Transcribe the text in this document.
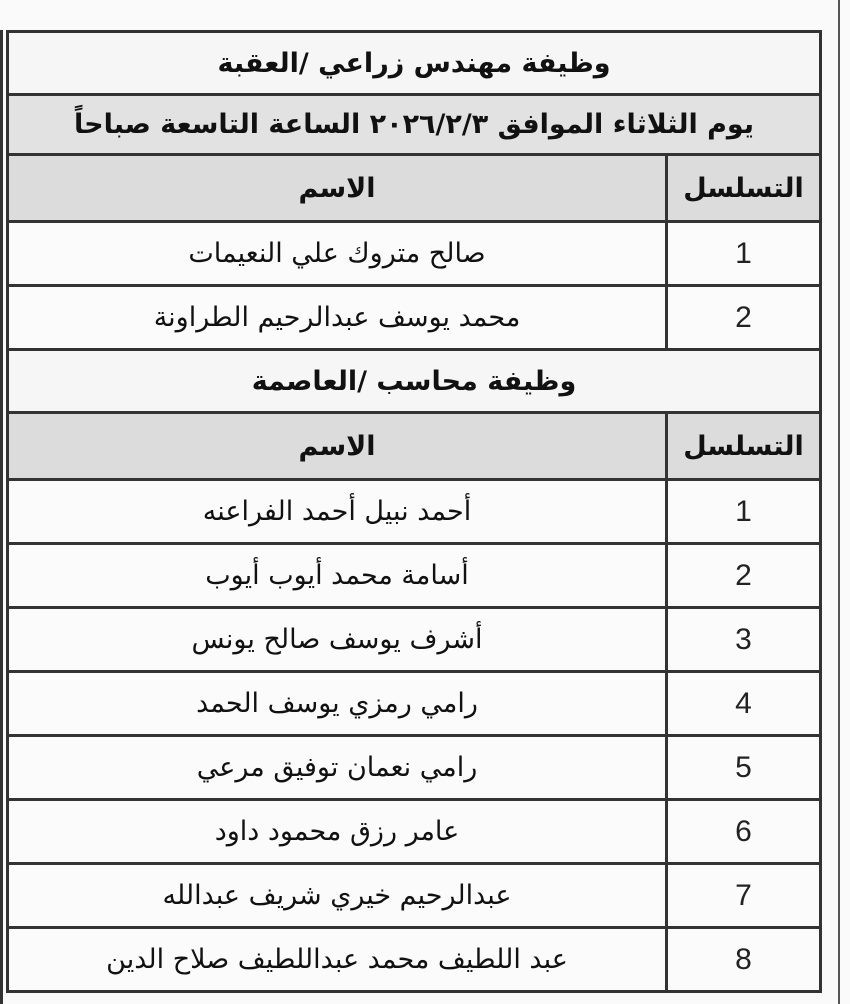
وظيفة مهندس زراعي /العقبة	
يوم الثلاثاء الموافق ٢٠٢٦/٢/٣ الساعة التاسعة صباحاً	
التسلسل	الاسم
1	صالح متروك علي النعيمات
2	محمد يوسف عبدالرحيم الطراونة
وظيفة محاسب /العاصمة	
التسلسل	الاسم
1	أحمد نبيل أحمد الفراعنه
2	أسامة محمد أيوب أيوب
3	أشرف يوسف صالح يونس
4	رامي رمزي يوسف الحمد
5	رامي نعمان توفيق مرعي
6	عامر رزق محمود داود
7	عبدالرحيم خيري شريف عبدالله
8	عبد اللطيف محمد عبداللطيف صلاح الدين
